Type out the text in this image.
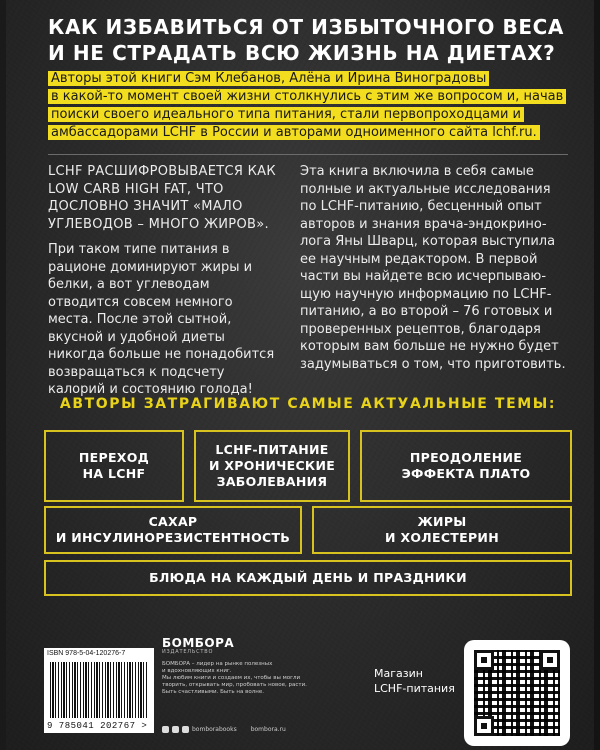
КАК ИЗБАВИТЬСЯ ОТ ИЗБЫТОЧНОГО ВЕСА
И НЕ СТРАДАТЬ ВСЮ ЖИЗНЬ НА ДИЕТАХ?
Авторы этой книги Сэм Клебанов, Алёна и Ирина Виноградовы
в какой-то момент своей жизни столкнулись с этим же вопросом и, начав
поиски своего идеального типа питания, стали первопроходцами и
амбассадорами LCHF в России и авторами одноименного сайта lchf.ru.

LCHF РАСШИФРОВЫВАЕТСЯ КАК LOW CARB HIGH FAT, ЧТО ДОСЛОВНО ЗНАЧИТ «МАЛО УГЛЕВОДОВ – МНОГО ЖИРОВ».

При таком типе питания в рационе доминируют жиры и белки, а вот углеводам отводится совсем немного места. После этой сытной, вкусной и удобной диеты никогда больше не понадобится возвращаться к подсчету калорий и состоянию голода!

Эта книга включила в себя самые полные и актуальные исследования по LCHF-питанию, бесценный опыт авторов и знания врача-эндокринолога Яны Шварц, которая выступила ее научным редактором. В первой части вы найдете всю исчерпывающую научную информацию по LCHF-питанию, а во второй – 76 готовых и проверенных рецептов, благодаря которым вам больше не нужно будет задумываться о том, что приготовить.

АВТОРЫ ЗАТРАГИВАЮТ САМЫЕ АКТУАЛЬНЫЕ ТЕМЫ:
ПЕРЕХОД
НА LCHF
LCHF-ПИТАНИЕ
И ХРОНИЧЕСКИЕ
ЗАБОЛЕВАНИЯ
ПРЕОДОЛЕНИЕ
ЭФФЕКТА ПЛАТО
САХАР
И ИНСУЛИНОРЕЗИСТЕНТНОСТЬ
ЖИРЫ
И ХОЛЕСТЕРИН
БЛЮДА НА КАЖДЫЙ ДЕНЬ И ПРАЗДНИКИ
ISBN 978-5-04-120276-7
9 785041 202767 >
БОМБОРА
ИЗДАТЕЛЬСТВО
БОМБОРА – лидер на рынке полезных
и вдохновляющих книг.
Мы любим книги и создаем их, чтобы вы могли
творить, открывать мир, пробовать новое, расти.
Быть счастливыми. Быть на волне.
bomborabooks bombora.ru
Магазин
LCHF-питания
